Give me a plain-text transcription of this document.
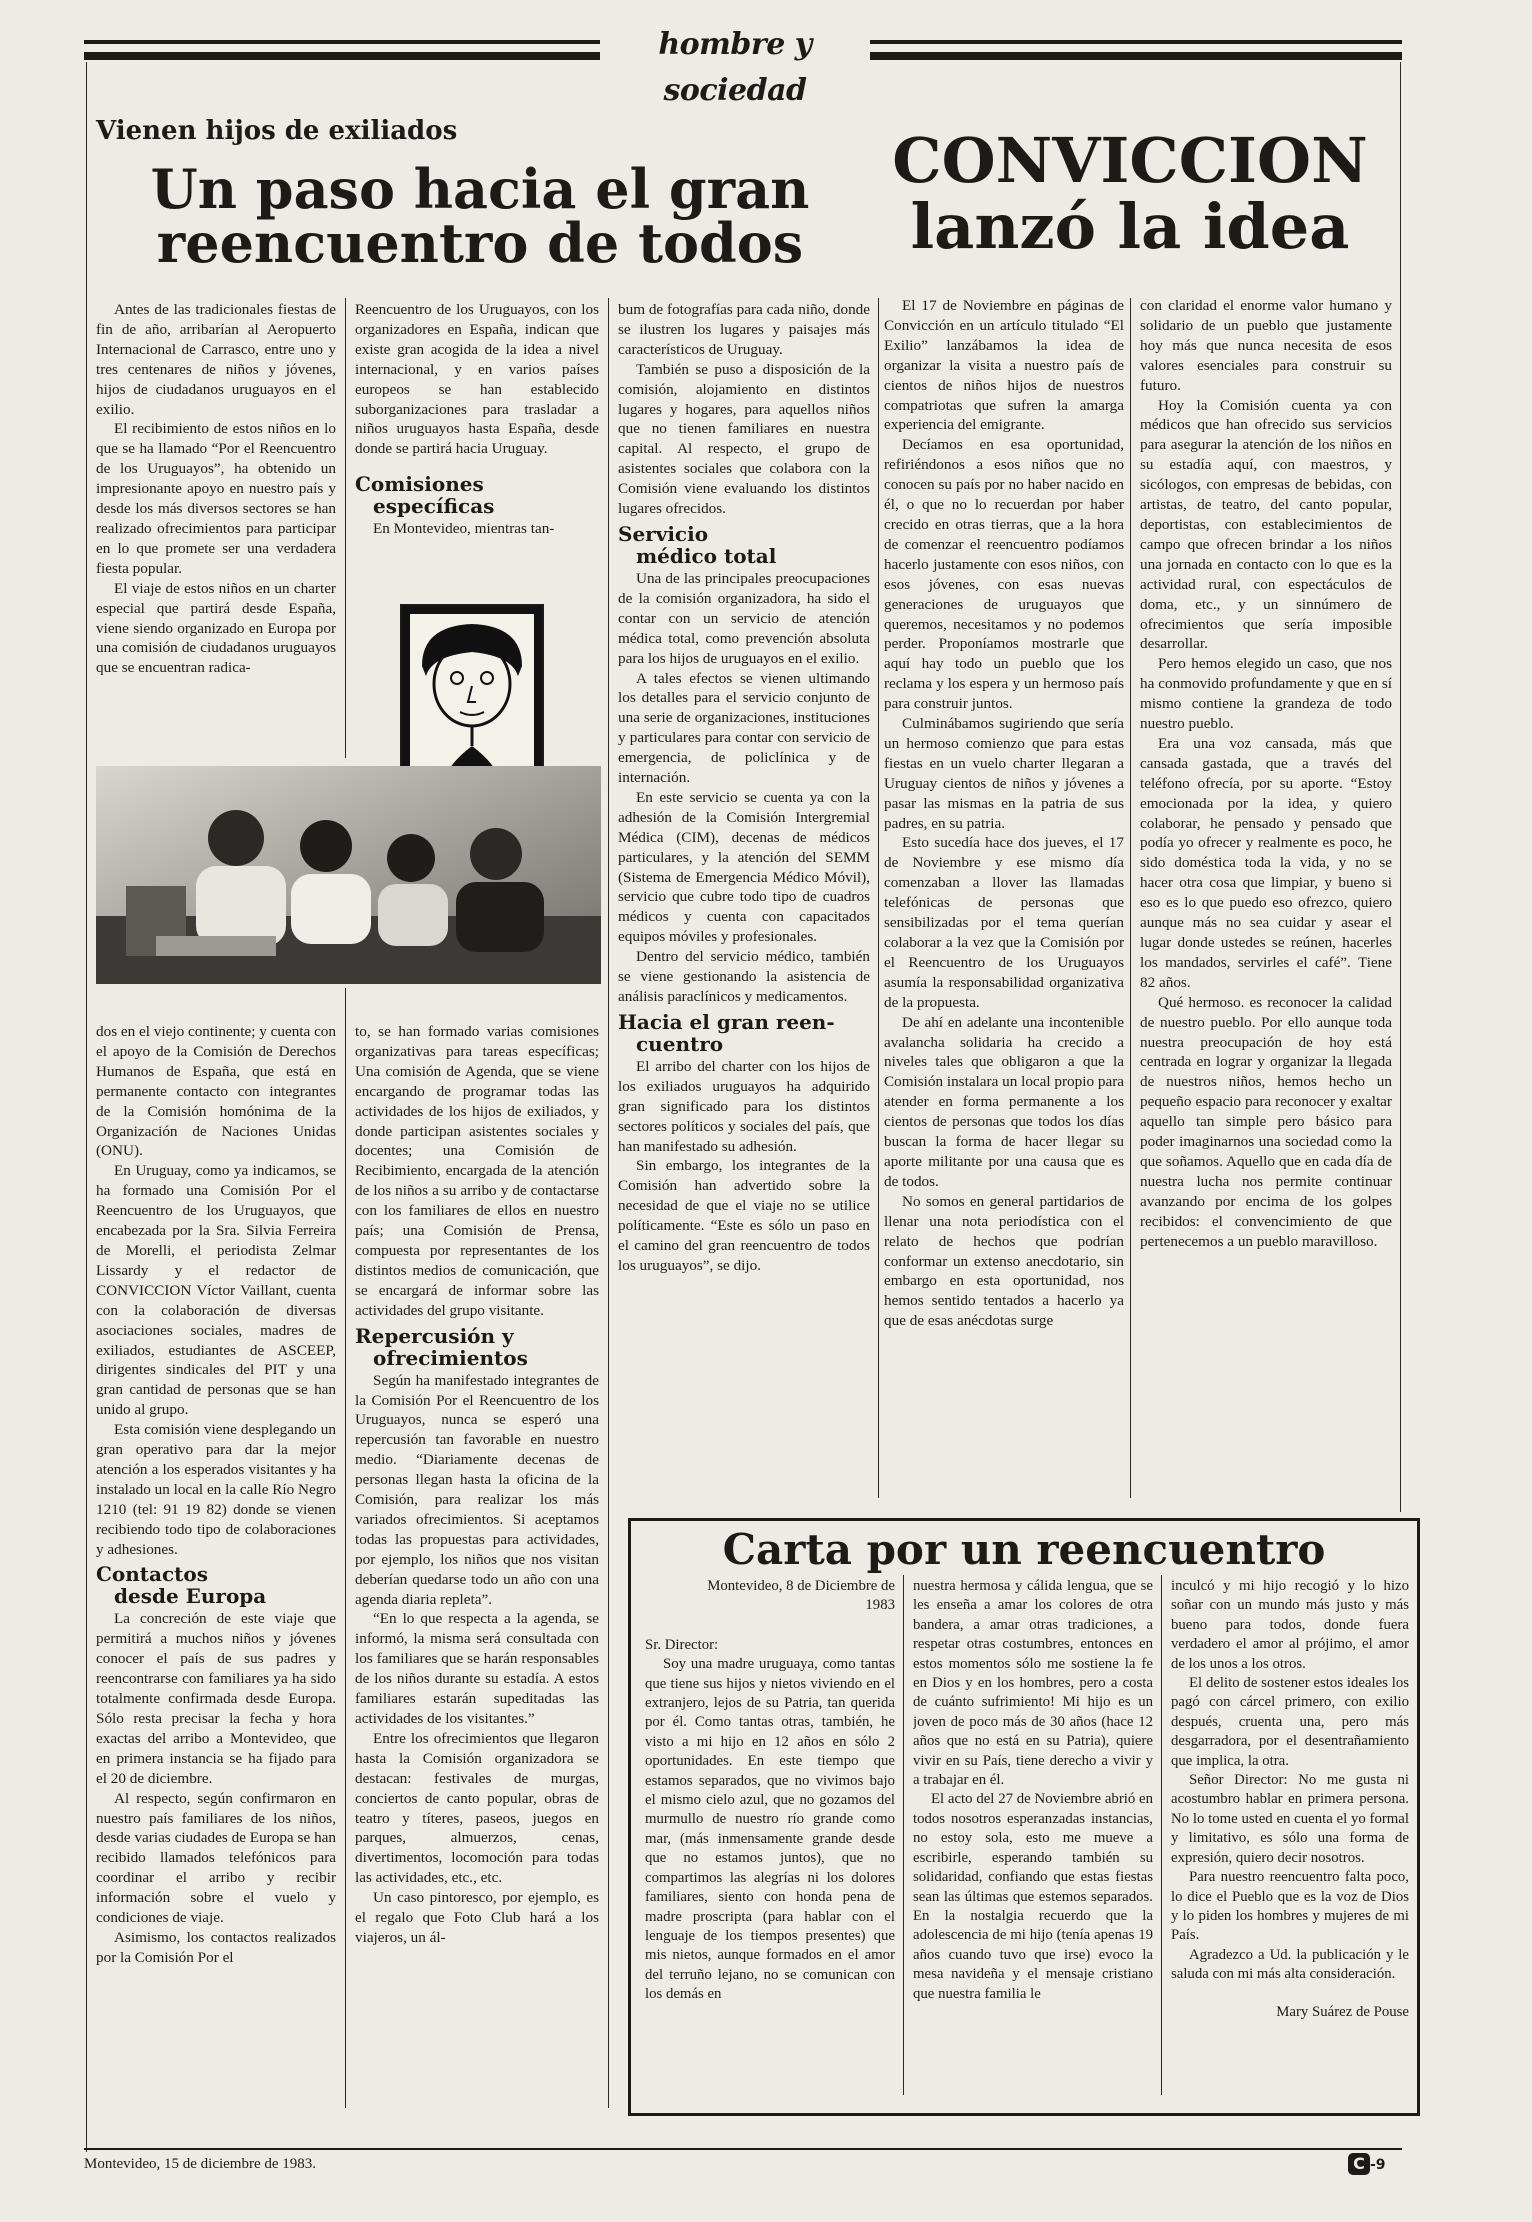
hombre y sociedad
Vienen hijos de exiliados
Un paso hacia el gran
reencuentro de todos

Antes de las tradicionales fiestas de fin de año, arribarían al Aeropuerto Internacional de Carrasco, entre uno y tres centenares de niños y jóvenes, hijos de ciudadanos uruguayos en el exilio.

El recibimiento de estos niños en lo que se ha llamado “Por el Reencuentro de los Uruguayos”, ha obtenido un impresionante apoyo en nuestro país y desde los más diversos sectores se han realizado ofrecimientos para participar en lo que promete ser una verdadera fiesta popular.

El viaje de estos niños en un charter especial que partirá desde España, viene siendo organizado en Europa por una comisión de ciudadanos uruguayos que se encuentran radica-

Reencuentro de los Uruguayos, con los organizadores en España, indican que existe gran acogida de la idea a nivel internacional, y en varios países europeos se han establecido suborganizaciones para trasladar a niños uruguayos hasta España, desde donde se partirá hacia Uruguay.

Comisiones
específicas

En Montevideo, mientras tan-

dos en el viejo continente; y cuenta con el apoyo de la Comisión de Derechos Humanos de España, que está en permanente contacto con integrantes de la Comisión homónima de la Organización de Naciones Unidas (ONU).

En Uruguay, como ya indicamos, se ha formado una Comisión Por el Reencuentro de los Uruguayos, que encabezada por la Sra. Silvia Ferreira de Morelli, el periodista Zelmar Lissardy y el redactor de CONVICCION Víctor Vaillant, cuenta con la colaboración de diversas asociaciones sociales, madres de exiliados, estudiantes de ASCEEP, dirigentes sindicales del PIT y una gran cantidad de personas que se han unido al grupo.

Esta comisión viene desplegando un gran operativo para dar la mejor atención a los esperados visitantes y ha instalado un local en la calle Río Negro 1210 (tel: 91 19 82) donde se vienen recibiendo todo tipo de colaboraciones y adhesiones.

Contactos
desde Europa

La concreción de este viaje que permitirá a muchos niños y jóvenes conocer el país de sus padres y reencontrarse con familiares ya ha sido totalmente confirmada desde Europa. Sólo resta precisar la fecha y hora exactas del arribo a Montevideo, que en primera instancia se ha fijado para el 20 de diciembre.

Al respecto, según confirmaron en nuestro país familiares de los niños, desde varias ciudades de Europa se han recibido llamados telefónicos para coordinar el arribo y recibir información sobre el vuelo y condiciones de viaje.

Asimismo, los contactos realizados por la Comisión Por el

to, se han formado varias comisiones organizativas para tareas específicas; Una comisión de Agenda, que se viene encargando de programar todas las actividades de los hijos de exiliados, y donde participan asistentes sociales y docentes; una Comisión de Recibimiento, encargada de la atención de los niños a su arribo y de contactarse con los familiares de ellos en nuestro país; una Comisión de Prensa, compuesta por representantes de los distintos medios de comunicación, que se encargará de informar sobre las actividades del grupo visitante.

Repercusión y
ofrecimientos

Según ha manifestado integrantes de la Comisión Por el Reencuentro de los Uruguayos, nunca se esperó una repercusión tan favorable en nuestro medio. “Diariamente decenas de personas llegan hasta la oficina de la Comisión, para realizar los más variados ofrecimientos. Si aceptamos todas las propuestas para actividades, por ejemplo, los niños que nos visitan deberían quedarse todo un año con una agenda diaria repleta”.

“En lo que respecta a la agenda, se informó, la misma será consultada con los familiares que se harán responsables de los niños durante su estadía. A estos familiares estarán supeditadas las actividades de los visitantes.”

Entre los ofrecimientos que llegaron hasta la Comisión organizadora se destacan: festivales de murgas, conciertos de canto popular, obras de teatro y títeres, paseos, juegos en parques, almuerzos, cenas, divertimentos, locomoción para todas las actividades, etc., etc.

Un caso pintoresco, por ejemplo, es el regalo que Foto Club hará a los viajeros, un ál-

bum de fotografías para cada niño, donde se ilustren los lugares y paisajes más característicos de Uruguay.

También se puso a disposición de la comisión, alojamiento en distintos lugares y hogares, para aquellos niños que no tienen familiares en nuestra capital. Al respecto, el grupo de asistentes sociales que colabora con la Comisión viene evaluando los distintos lugares ofrecidos.

Servicio
médico total

Una de las principales preocupaciones de la comisión organizadora, ha sido el contar con un servicio de atención médica total, como prevención absoluta para los hijos de uruguayos en el exilio.

A tales efectos se vienen ultimando los detalles para el servicio conjunto de una serie de organizaciones, instituciones y particulares para contar con servicio de emergencia, de policlínica y de internación.

En este servicio se cuenta ya con la adhesión de la Comisión Intergremial Médica (CIM), decenas de médicos particulares, y la atención del SEMM (Sistema de Emergencia Médico Móvil), servicio que cubre todo tipo de cuadros médicos y cuenta con capacitados equipos móviles y profesionales.

Dentro del servicio médico, también se viene gestionando la asistencia de análisis paraclínicos y medicamentos.

Hacia el gran reen-
cuentro

El arribo del charter con los hijos de los exiliados uruguayos ha adquirido gran significado para los distintos sectores políticos y sociales del país, que han manifestado su adhesión.

Sin embargo, los integrantes de la Comisión han advertido sobre la necesidad de que el viaje no se utilice políticamente. “Este es sólo un paso en el camino del gran reencuentro de todos los uruguayos”, se dijo.

CONVICCION
lanzó la idea

El 17 de Noviembre en páginas de Convicción en un artículo titulado “El Exilio” lanzábamos la idea de organizar la visita a nuestro país de cientos de niños hijos de nuestros compatriotas que sufren la amarga experiencia del emigrante.

Decíamos en esa oportunidad, refiriéndonos a esos niños que no conocen su país por no haber nacido en él, o que no lo recuerdan por haber crecido en otras tierras, que a la hora de comenzar el reencuentro podíamos hacerlo justamente con esos niños, con esos jóvenes, con esas nuevas generaciones de uruguayos que queremos, necesitamos y no podemos perder. Proponíamos mostrarle que aquí hay todo un pueblo que los reclama y los espera y un hermoso país para construir juntos.

Culminábamos sugiriendo que sería un hermoso comienzo que para estas fiestas en un vuelo charter llegaran a Uruguay cientos de niños y jóvenes a pasar las mismas en la patria de sus padres, en su patria.

Esto sucedía hace dos jueves, el 17 de Noviembre y ese mismo día comenzaban a llover las llamadas telefónicas de personas que sensibilizadas por el tema querían colaborar a la vez que la Comisión por el Reencuentro de los Uruguayos asumía la responsabilidad organizativa de la propuesta.

De ahí en adelante una incontenible avalancha solidaria ha crecido a niveles tales que obligaron a que la Comisión instalara un local propio para atender en forma permanente a los cientos de personas que todos los días buscan la forma de hacer llegar su aporte militante por una causa que es de todos.

No somos en general partidarios de llenar una nota periodística con el relato de hechos que podrían conformar un extenso anecdotario, sin embargo en esta oportunidad, nos hemos sentido tentados a hacerlo ya que de esas anécdotas surge

con claridad el enorme valor humano y solidario de un pueblo que justamente hoy más que nunca necesita de esos valores esenciales para construir su futuro.

Hoy la Comisión cuenta ya con médicos que han ofrecido sus servicios para asegurar la atención de los niños en su estadía aquí, con maestros, y sicólogos, con empresas de bebidas, con artistas, de teatro, del canto popular, deportistas, con establecimientos de campo que ofrecen brindar a los niños una jornada en contacto con lo que es la actividad rural, con espectáculos de doma, etc., y un sinnúmero de ofrecimientos que sería imposible desarrollar.

Pero hemos elegido un caso, que nos ha conmovido profundamente y que en sí mismo contiene la grandeza de todo nuestro pueblo.

Era una voz cansada, más que cansada gastada, que a través del teléfono ofrecía, por su aporte. “Estoy emocionada por la idea, y quiero colaborar, he pensado y pensado que podía yo ofrecer y realmente es poco, he sido doméstica toda la vida, y no se hacer otra cosa que limpiar, y bueno si eso es lo que puedo eso ofrezco, quiero aunque más no sea cuidar y asear el lugar donde ustedes se reúnen, hacerles los mandados, servirles el café”. Tiene 82 años.

Qué hermoso. es reconocer la calidad de nuestro pueblo. Por ello aunque toda nuestra preocupación de hoy está centrada en lograr y organizar la llegada de nuestros niños, hemos hecho un pequeño espacio para reconocer y exaltar aquello tan simple pero básico para poder imaginarnos una sociedad como la que soñamos. Aquello que en cada día de nuestra lucha nos permite continuar avanzando por encima de los golpes recibidos: el convencimiento de que pertenecemos a un pueblo maravilloso.

Carta por un reencuentro
Montevideo, 8 de Diciembre de 1983
Sr. Director:

Soy una madre uruguaya, como tantas que tiene sus hijos y nietos viviendo en el extranjero, lejos de su Patria, tan querida por él. Como tantas otras, también, he visto a mi hijo en 12 años en sólo 2 oportunidades. En este tiempo que estamos separados, que no vivimos bajo el mismo cielo azul, que no gozamos del murmullo de nuestro río grande como mar, (más inmensamente grande desde que no estamos juntos), que no compartimos las alegrías ni los dolores familiares, siento con honda pena de madre proscripta (para hablar con el lenguaje de los tiempos presentes) que mis nietos, aunque formados en el amor del terruño lejano, no se comunican con los demás en

nuestra hermosa y cálida lengua, que se les enseña a amar los colores de otra bandera, a amar otras tradiciones, a respetar otras costumbres, entonces en estos momentos sólo me sostiene la fe en Dios y en los hombres, pero a costa de cuánto sufrimiento! Mi hijo es un joven de poco más de 30 años (hace 12 años que no está en su Patria), quiere vivir en su País, tiene derecho a vivir y a trabajar en él.

El acto del 27 de Noviembre abrió en todos nosotros esperanzadas instancias, no estoy sola, esto me mueve a escribirle, esperando también su solidaridad, confiando que estas fiestas sean las últimas que estemos separados. En la nostalgia recuerdo que la adolescencia de mi hijo (tenía apenas 19 años cuando tuvo que irse) evoco la mesa navideña y el mensaje cristiano que nuestra familia le

inculcó y mi hijo recogió y lo hizo soñar con un mundo más justo y más bueno para todos, donde fuera verdadero el amor al prójimo, el amor de los unos a los otros.

El delito de sostener estos ideales los pagó con cárcel primero, con exilio después, cruenta una, pero más desgarradora, por el desentrañamiento que implica, la otra.

Señor Director: No me gusta ni acostumbro hablar en primera persona. No lo tome usted en cuenta el yo formal y limitativo, es sólo una forma de expresión, quiero decir nosotros.

Para nuestro reencuentro falta poco, lo dice el Pueblo que es la voz de Dios y lo piden los hombres y mujeres de mi País.

Agradezco a Ud. la publicación y le saluda con mi más alta consideración.

Mary Suárez de Pouse
Montevideo, 15 de diciembre de 1983.	C -9
